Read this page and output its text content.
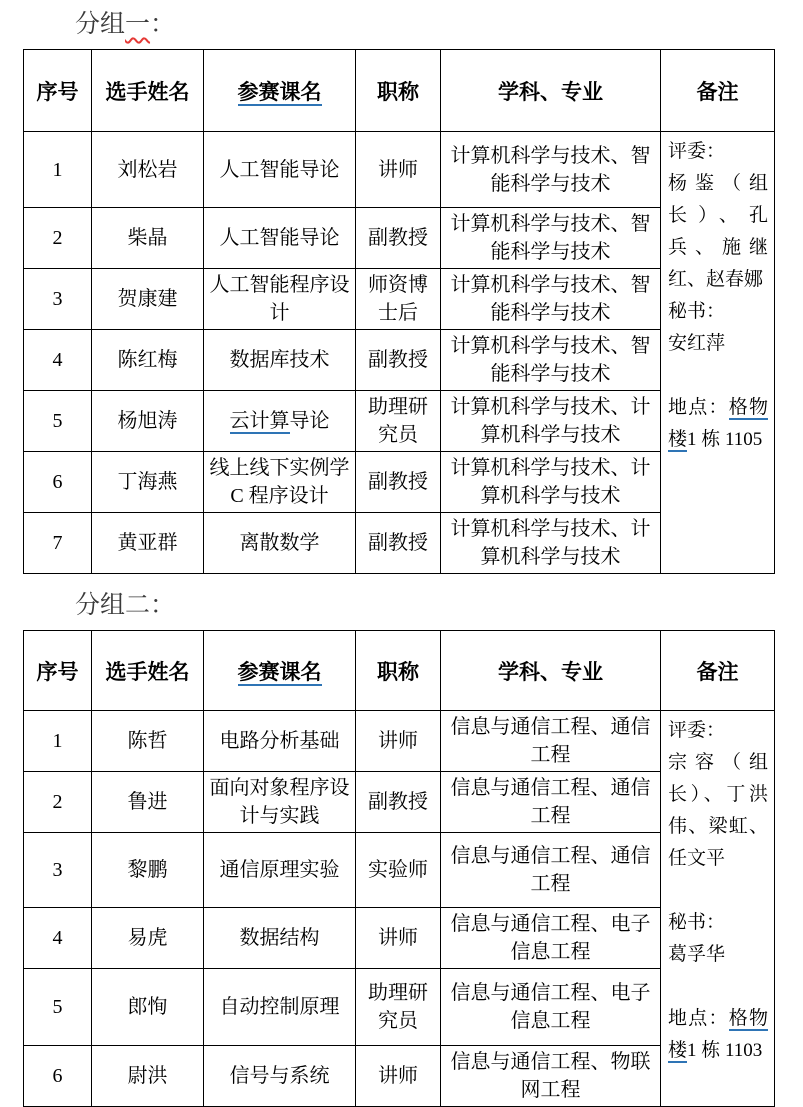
分组一：
序号	选手姓名	参赛课名	职称	学科、专业	备注
1	刘松岩	人工智能导论	讲师	计算机科学与技术、智能科学与技术	评委：

杨鉴（组长）、孔兵、施继红、赵春娜

秘书：

安红萍

地点：格物楼1 栋 1105

2	柴晶	人工智能导论	副教授	计算机科学与技术、智能科学与技术	
3	贺康建	人工智能程序设计	师资博士后	计算机科学与技术、智能科学与技术	
4	陈红梅	数据库技术	副教授	计算机科学与技术、智能科学与技术	
5	杨旭涛	云计算导论	助理研究员	计算机科学与技术、计算机科学与技术	
6	丁海燕	线上线下实例学C 程序设计	副教授	计算机科学与技术、计算机科学与技术	
7	黄亚群	离散数学	副教授	计算机科学与技术、计算机科学与技术	
分组二：
序号	选手姓名	参赛课名	职称	学科、专业	备注
1	陈哲	电路分析基础	讲师	信息与通信工程、通信工程	评委：

宗容（组长）、丁洪伟、梁虹、任文平

秘书：

葛孚华

地点：格物楼1 栋 1103

2	鲁进	面向对象程序设计与实践	副教授	信息与通信工程、通信工程	
3	黎鹏	通信原理实验	实验师	信息与通信工程、通信工程	
4	易虎	数据结构	讲师	信息与通信工程、电子信息工程	
5	郎恂	自动控制原理	助理研究员	信息与通信工程、电子信息工程	
6	尉洪	信号与系统	讲师	信息与通信工程、物联网工程	
